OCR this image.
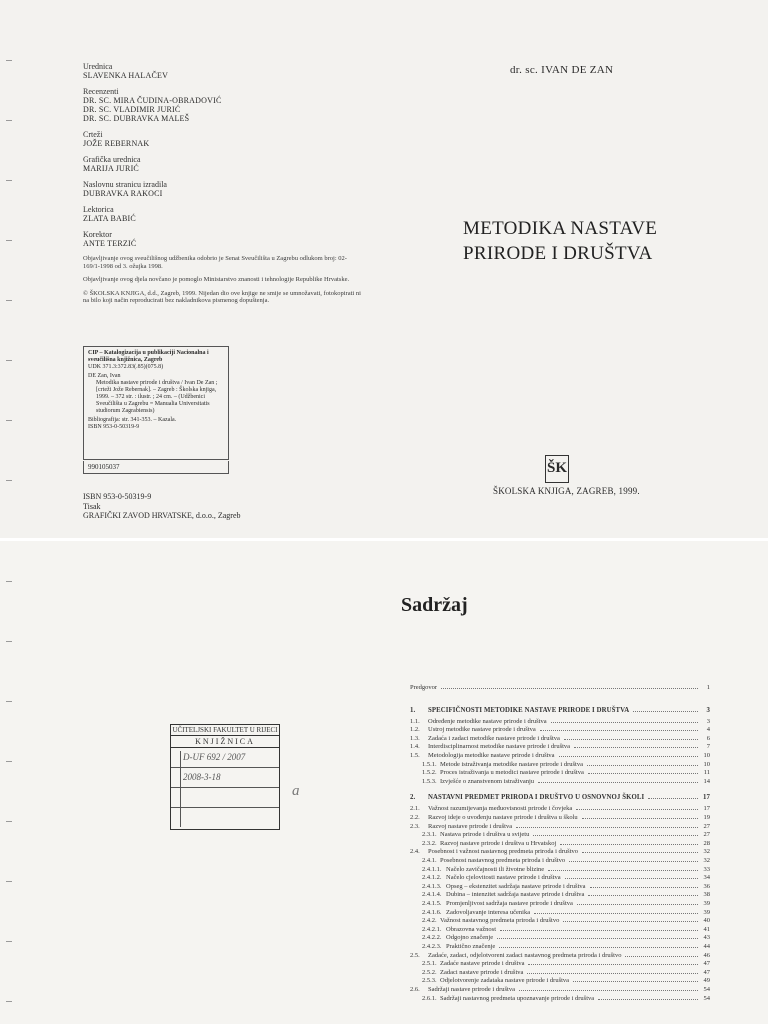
Urednica
SLAVENKA HALAČEV
Recenzenti
DR. SC. MIRA ČUDINA-OBRADOVIĆ
DR. SC. VLADIMIR JURIĆ
DR. SC. DUBRAVKA MALEŠ
Crteži
JOŽE REBERNAK
Grafička urednica
MARIJA JURIĆ
Naslovnu stranicu izradila
DUBRAVKA RAKOCI
Lektorica
ZLATA BABIĆ
Korektor
ANTE TERZIĆ
Objavljivanje ovog sveučilišnog udžbenika odobrio je Senat Sveučilišta u Zagrebu odlukom broj: 02-169/1-1998 od 3. ožujka 1998.
Objavljivanje ovog djela novčano je pomoglo Ministarstvo znanosti i tehnologije Republike Hrvatske.
© ŠKOLSKA KNJIGA, d.d., Zagreb, 1999. Nijedan dio ove knjige ne smije se umnožavati, fotokopirati ni na bilo koji način reproducirati bez nakladnikova pismenog dopuštenja.
CIP – Katalogizacija u publikaciji Nacionalna i sveučilišna knjižnica, Zagreb
UDK 371.3:372.83(.85)(075.8)
DE Zan, Ivan
Metodika nastave prirode i društva / Ivan De Zan ; [crteži Jože Rebernak]. – Zagreb : Školska knjiga, 1999. – 372 str. : ilustr. ; 24 cm. – (Udžbenici Sveučilišta u Zagrebu = Manualia Universitatis studiorum Zagrabiensis)
Bibliografija: str. 341-353. – Kazala.
ISBN 953-0-50319-9
990105037
ISBN 953-0-50319-9
Tisak
GRAFIČKI ZAVOD HRVATSKE, d.o.o., Zagreb
dr. sc. IVAN DE ZAN
METODIKA NASTAVE
PRIRODE I DRUŠTVA
ŠK
ŠKOLSKA KNJIGA, ZAGREB, 1999.
Sadržaj
UČITELJSKI FAKULTET U RIJECI
KNJIŽNICA
D-UF 692 / 2007
2008-3-18
a
Predgovor	1
1. SPECIFIČNOSTI METODIKE NASTAVE PRIRODE I DRUŠTVA	3
1.1. Određenje metodike nastave prirode i društva	3
1.2. Ustroj metodike nastave prirode i društva	4
1.3. Zadaća i zadaci metodike nastave prirode i društva	6
1.4. Interdisciplinarnost metodike nastave prirode i društva	7
1.5. Metodologija metodike nastave prirode i društva	10
1.5.1. Metode istraživanja metodike nastave prirode i društva	10
1.5.2. Proces istraživanja u metodici nastave prirode i društva	11
1.5.3. Izvješće o znanstvenom istraživanju	14
2. NASTAVNI PREDMET PRIRODA I DRUŠTVO U OSNOVNOJ ŠKOLI	17
2.1. Važnost razumijevanja međuovisnosti prirode i čovjeka	17
2.2. Razvoj ideje o uvođenju nastave prirode i društva u školu	19
2.3. Razvoj nastave prirode i društva	27
2.3.1. Nastava prirode i društva u svijetu	27
2.3.2. Razvoj nastave prirode i društva u Hrvatskoj	28
2.4. Posebnost i važnost nastavnog predmeta priroda i društvo	32
2.4.1. Posebnost nastavnog predmeta priroda i društvo	32
2.4.1.1. Načelo zavičajnosti ili životne blizine	33
2.4.1.2. Načelo cjelovitosti nastave prirode i društva	34
2.4.1.3. Opseg – ekstenzitet sadržaja nastave prirode i društva	36
2.4.1.4. Dubina – intenzitet sadržaja nastave prirode i društva	38
2.4.1.5. Promjenljivost sadržaja nastave prirode i društva	39
2.4.1.6. Zadovoljavanje interesa učenika	39
2.4.2. Važnost nastavnog predmeta priroda i društvo	40
2.4.2.1. Obrazovna važnost	41
2.4.2.2. Odgojno značenje	43
2.4.2.3. Praktično značenje	44
2.5. Zadaće, zadaci, odjelotvoreni zadaci nastavnog predmeta priroda i društvo	46
2.5.1. Zadaće nastave prirode i društva	47
2.5.2. Zadaci nastave prirode i društva	47
2.5.3. Odjelotvorenje zadataka nastave prirode i društva	49
2.6. Sadržaji nastave prirode i društva	54
2.6.1. Sadržaji nastavnog predmeta upoznavanje prirode i društva	54
